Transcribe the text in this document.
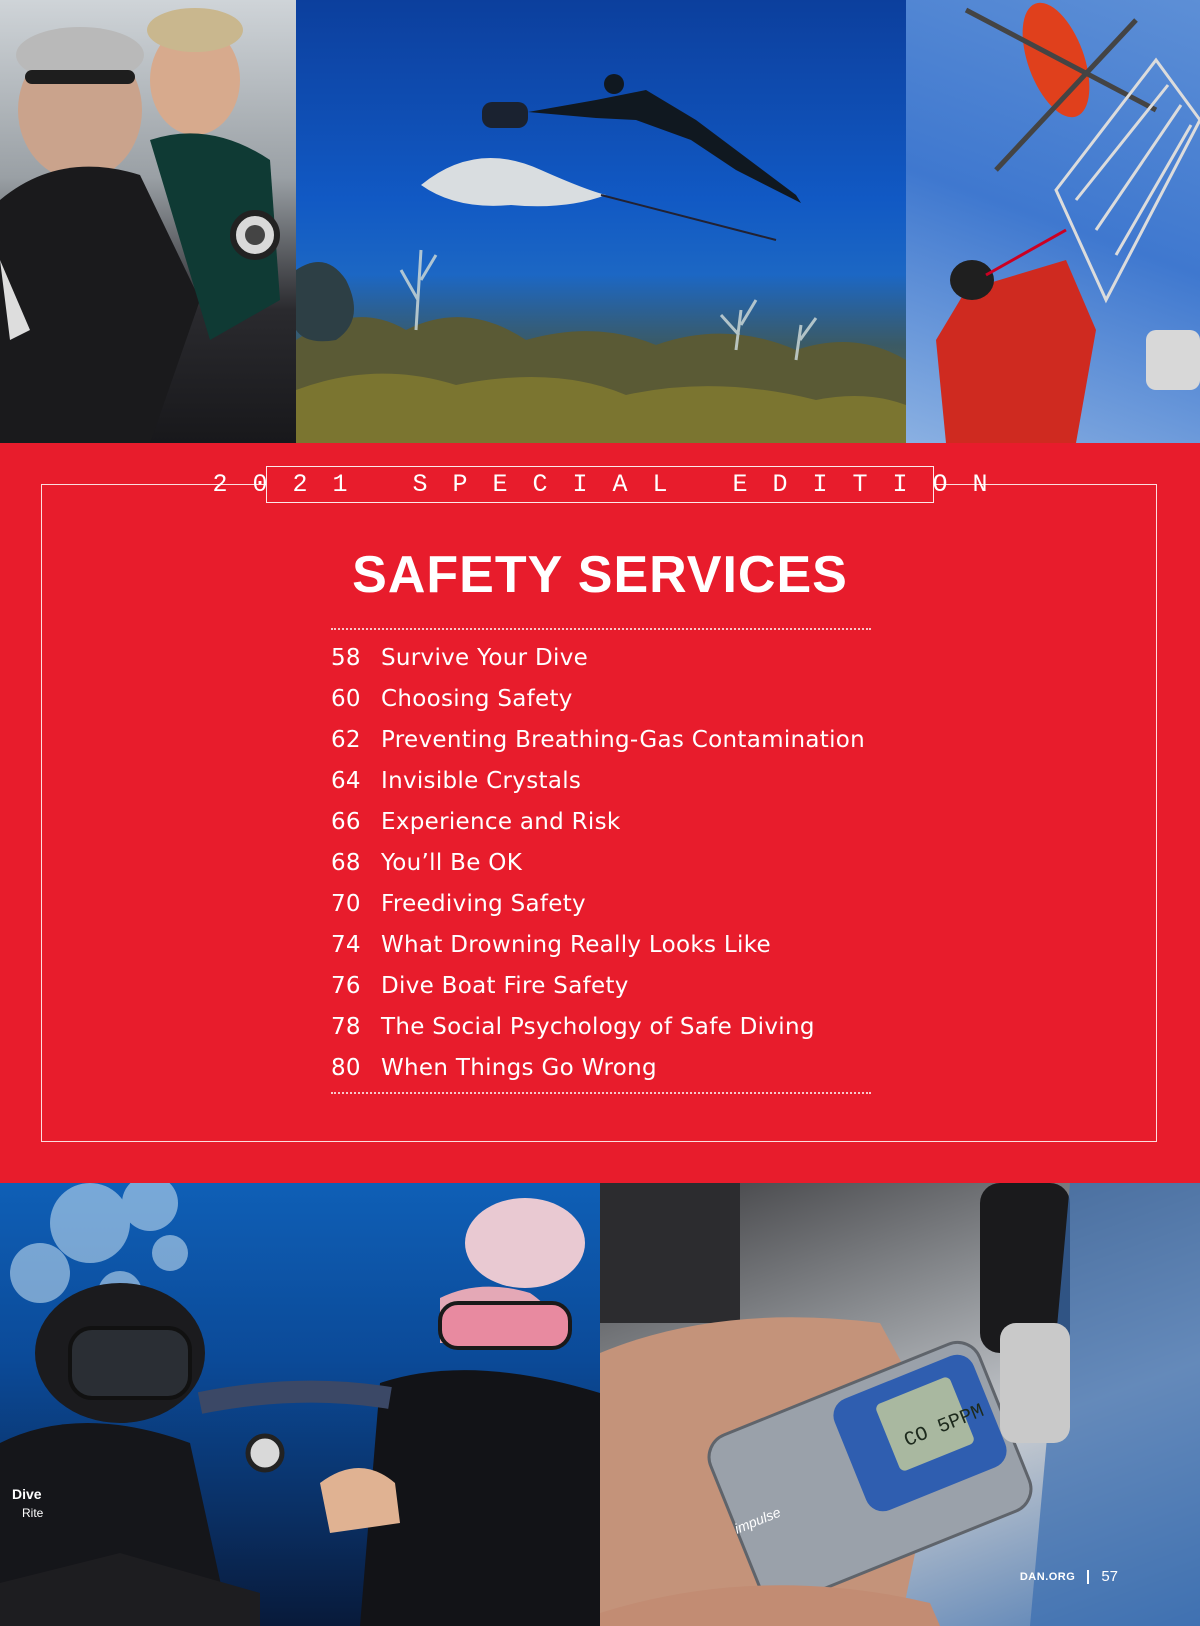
2021 SPECIAL EDITION
SAFETY SERVICES
58 Survive Your Dive
60 Choosing Safety
62 Preventing Breathing-Gas Contamination
64 Invisible Crystals
66 Experience and Risk
68 You’ll Be OK
70 Freediving Safety
74 What Drowning Really Looks Like
76 Dive Boat Fire Safety
78 The Social Psychology of Safe Diving
80 When Things Go Wrong
Dive
Rite
CO 5PPM
impulse
DAN.ORG 57
